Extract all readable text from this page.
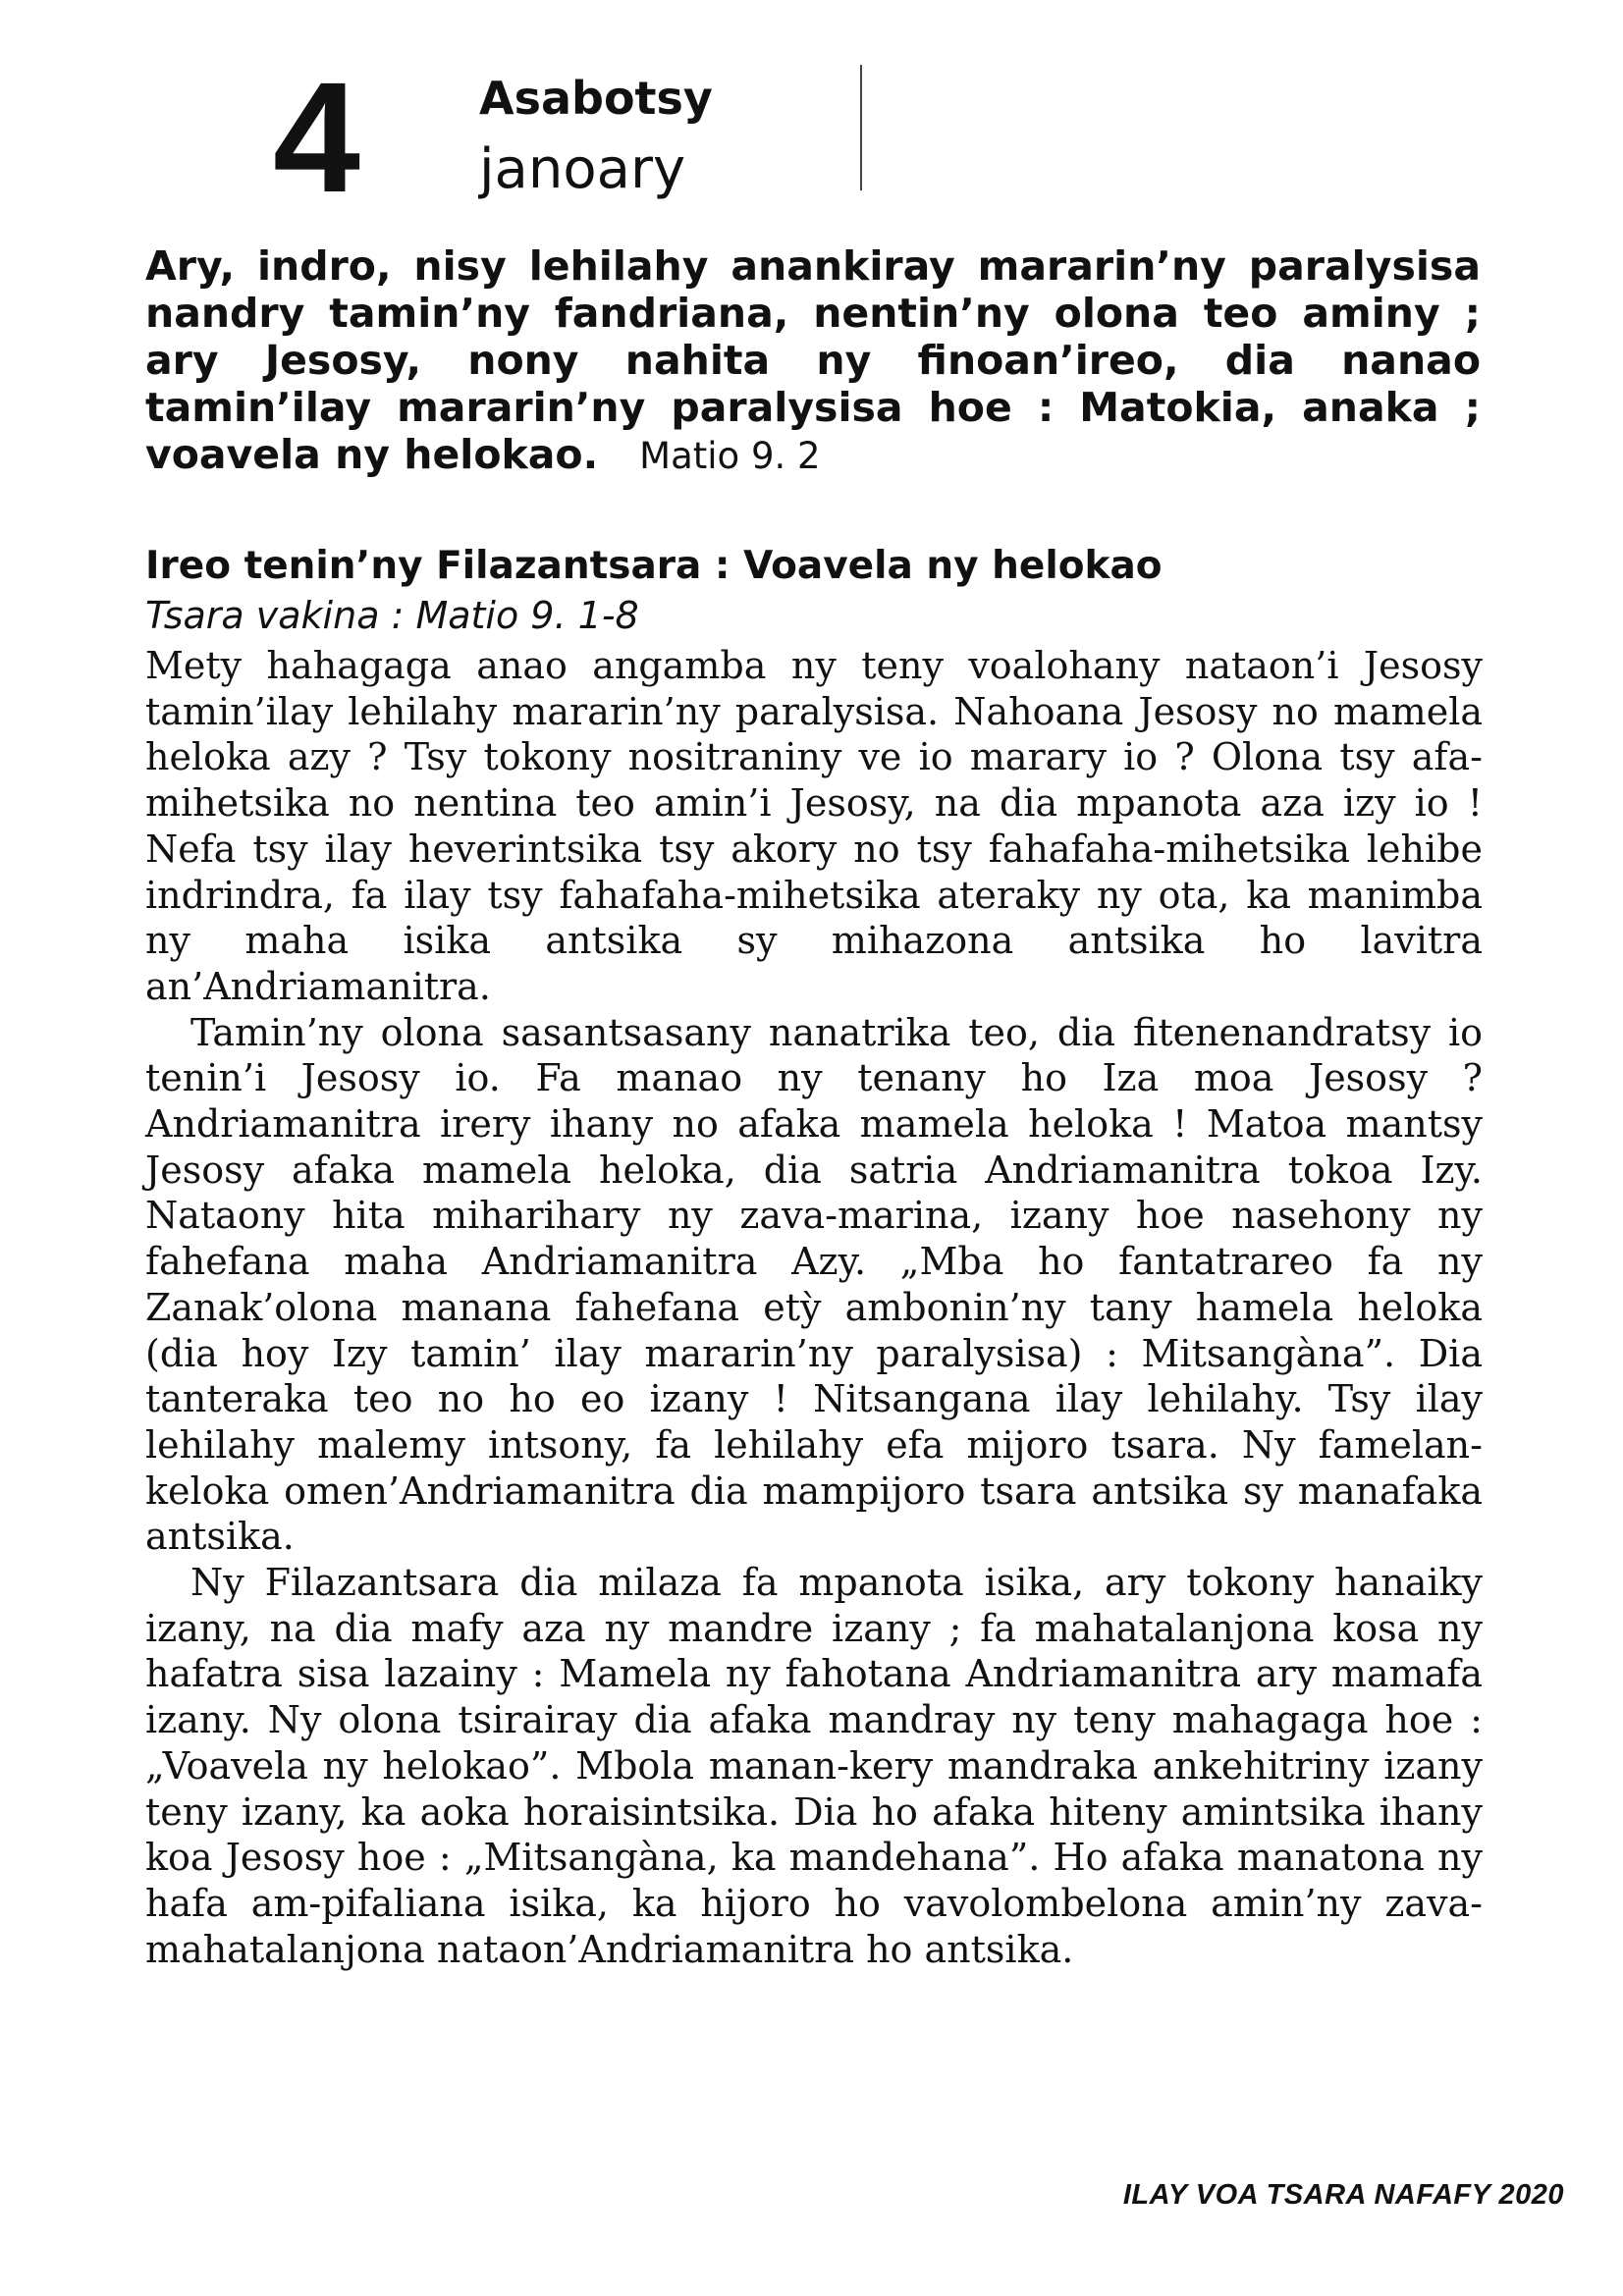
4	Asabotsy
janoary
Ary, indro, nisy lehilahy anankiray mararin’ny paralysisa nandry tamin’ny fandriana, nentin’ny olona teo aminy ; ary Jesosy, nony nahita ny finoan’ireo, dia nanao tamin’ilay mararin’ny paralysisa hoe : Matokia, anaka ; voavela ny helokao. Matio 9. 2
Ireo tenin’ny Filazantsara : Voavela ny helokao
Tsara vakina : Matio 9. 1-8

Mety hahagaga anao angamba ny teny voalohany nataon’i Jesosy tamin’ilay lehilahy mararin’ny paralysisa. Nahoana Jesosy no mamela heloka azy ? Tsy tokony nositraniny ve io marary io ? Olona tsy afa-mihetsika no nentina teo amin’i Jesosy, na dia mpanota aza izy io ! Nefa tsy ilay heverintsika tsy akory no tsy fahafaha-mihetsika lehibe indrindra, fa ilay tsy fahafaha-mihetsika ateraky ny ota, ka manimba ny maha isika antsika sy mihazona antsika ho lavitra an’Andriamanitra.

Tamin’ny olona sasantsasany nanatrika teo, dia fitenenandratsy io tenin’i Jesosy io. Fa manao ny tenany ho Iza moa Jesosy ? Andriamanitra irery ihany no afaka mamela heloka ! Matoa mantsy Jesosy afaka mamela heloka, dia satria Andriamanitra tokoa Izy. Nataony hita miharihary ny zava-marina, izany hoe nasehony ny fahefana maha Andriamanitra Azy. „Mba ho fantatrareo fa ny Zanak’olona manana fahefana etỳ ambonin’ny tany hamela heloka (dia hoy Izy tamin’ ilay mararin’ny paralysisa) : Mitsangàna”. Dia tanteraka teo no ho eo izany ! Nitsangana ilay lehilahy. Tsy ilay lehilahy malemy intsony, fa lehilahy efa mijoro tsara. Ny famelan-keloka omen’Andriamanitra dia mampijoro tsara antsika sy manafaka antsika.

Ny Filazantsara dia milaza fa mpanota isika, ary tokony hanaiky izany, na dia mafy aza ny mandre izany ; fa mahatalanjona kosa ny hafatra sisa lazainy : Mamela ny fahotana Andriamanitra ary mamafa izany. Ny olona tsirairay dia afaka mandray ny teny mahagaga hoe : „Voavela ny helokao”. Mbola manan-kery mandraka ankehitriny izany teny izany, ka aoka horaisintsika. Dia ho afaka hiteny amintsika ihany koa Jesosy hoe : „Mitsangàna, ka mandehana”. Ho afaka manatona ny hafa am-pifaliana isika, ka hijoro ho vavolombelona amin’ny zava-mahatalanjona nataon’Andriamanitra ho antsika.

ILAY VOA TSARA NAFAFY 2020
